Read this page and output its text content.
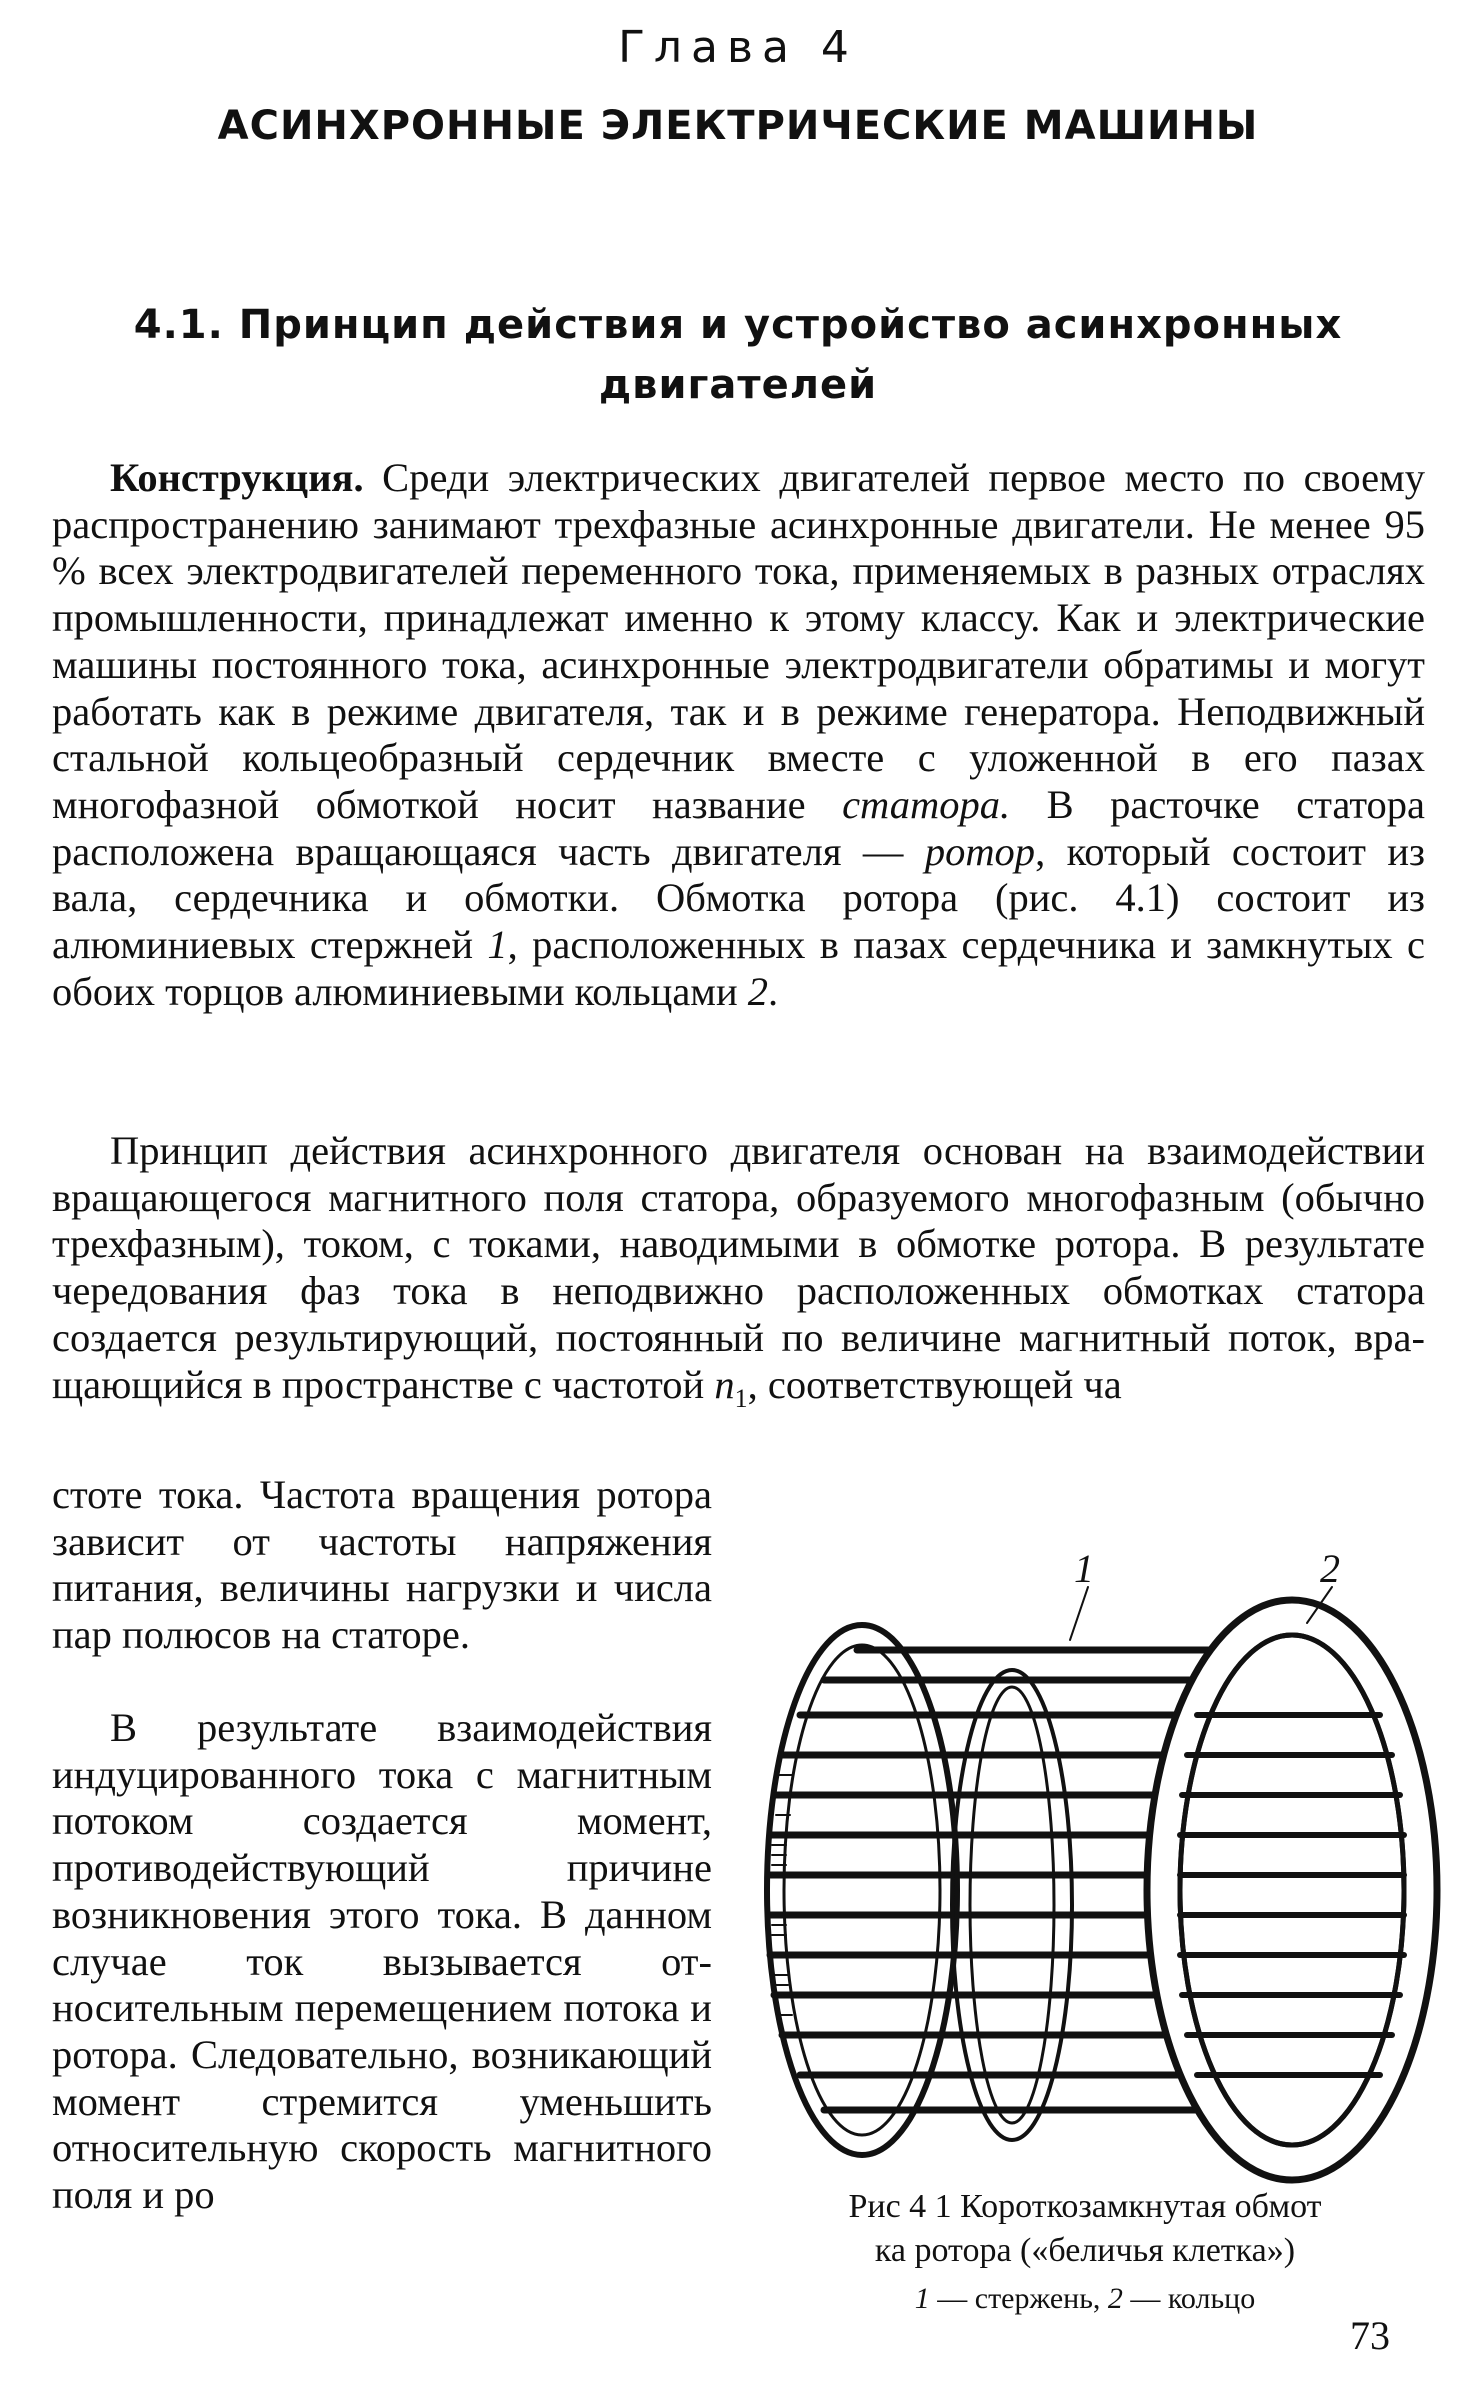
Глава 4
АСИНХРОННЫЕ ЭЛЕКТРИЧЕСКИЕ МАШИНЫ
4.1. Принцип действия и устройство асинхронных
двигателей
Конструкция. Среди электрических двигателей первое место по своему распространению занимают трехфазные асинхронные двигатели. Не менее 95 % всех электродвигателей переменного тока, применяемых в разных отраслях промышленности, принадлежат именно к этому классу. Как и электрические машины постоянного тока, асинхронные электродвигатели обратимы и могут работать как в режиме двигателя, так и в режиме генератора. Неподвижный стальной кольцеобразный сердечник вместе с уложенной в его пазах многофазной обмоткой носит название статора. В расточке статора расположена вращающаяся часть двигателя — ротор, который состоит из вала, сердечника и обмотки. Обмотка ротора (рис. 4.1) состоит из алюминиевых стержней 1, расположенных в пазах сердечника и замкнутых с обоих торцов алюминиевыми кольцами 2.
Принцип действия асинхронного двигателя основан на взаимодействии вращающегося магнитного поля статора, образуемого многофазным (обычно трехфазным), током, с токами, наводимыми в обмотке ротора. В результате чередования фаз тока в неподвижно расположенных обмотках статора создается результирующий, постоянный по величине магнитный поток, вращающийся в пространстве с частотой $n_1$, соответствующей ча
стоте тока. Частота вращения ротора зависит от частоты напряжения питания, величины нагрузки и числа пар полюсов на статоре.
В результате взаимодействия индуцированного тока с магнитным потоком создается момент, противодействующий причине возникновения этого тока. В данном случае ток вызывается относительным перемещением потока и ротора. Следовательно, возникающий момент стремится уменьшить относительную скорость магнитного поля и ро
1	2
Рис 4 1 Короткозамкнутая обмот
ка ротора («беличья клетка»)
1 — стержень, 2 — кольцо
73
